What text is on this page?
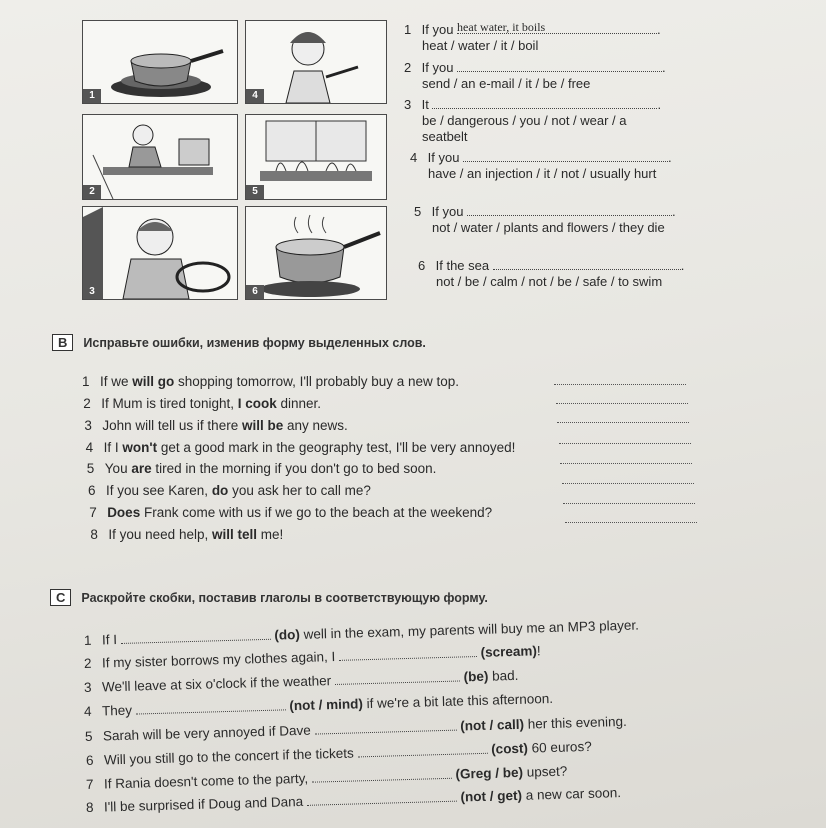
1	4
2	5
3	6
1 If you heat water, it boils	.
heat / water / it / boil
2 If you	.
send / an e-mail / it / be / free
3 It	.
be / dangerous / you / not / wear / a seatbelt
4 If you	.
have / an injection / it / not / usually hurt
5 If you	.
not / water / plants and flowers / they die
6 If the sea	.
not / be / calm / not / be / safe / to swim
B Исправьте ошибки, изменив форму выделенных слов.
1 If we will go shopping tomorrow, I'll probably buy a new top.
2 If Mum is tired tonight, I cook dinner.
3 John will tell us if there will be any news.
4 If I won't get a good mark in the geography test, I'll be very annoyed!
5 You are tired in the morning if you don't go to bed soon.
6 If you see Karen, do you ask her to call me?
7 Does Frank come with us if we go to the beach at the weekend?
8 If you need help, will tell me!
C Раскройте скобки, поставив глаголы в соответствующую форму.
1 If I	(do) well in the exam, my parents will buy me an MP3 player.
2 If my sister borrows my clothes again, I	(scream)!
3 We'll leave at six o'clock if the weather	(be) bad.
4 They	(not / mind) if we're a bit late this afternoon.
5 Sarah will be very annoyed if Dave	(not / call) her this evening.
6 Will you still go to the concert if the tickets	(cost) 60 euros?
7 If Rania doesn't come to the party,	(Greg / be) upset?
8 I'll be surprised if Doug and Dana	(not / get) a new car soon.
